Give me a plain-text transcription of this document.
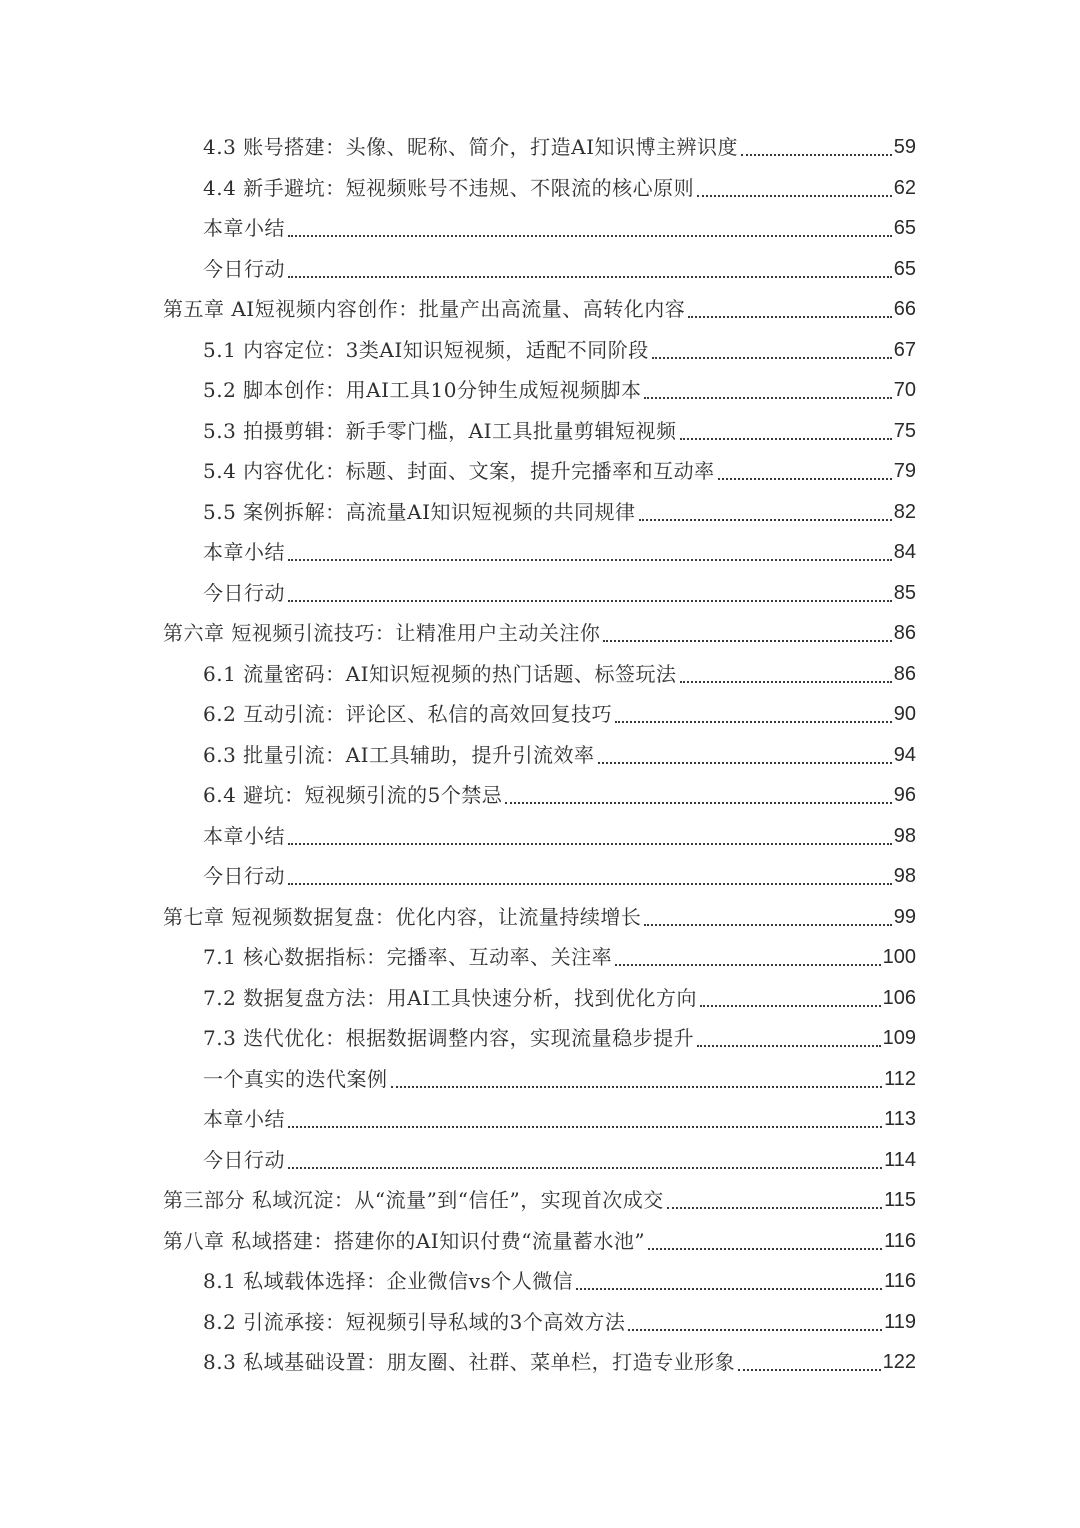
4.3 账号搭建：头像、昵称、简介，打造AI知识博主辨识度	59
4.4 新手避坑：短视频账号不违规、不限流的核心原则	62
本章小结	65
今日行动	65
第五章 AI短视频内容创作：批量产出高流量、高转化内容	66
5.1 内容定位：3类AI知识短视频，适配不同阶段	67
5.2 脚本创作：用AI工具10分钟生成短视频脚本	70
5.3 拍摄剪辑：新手零门槛，AI工具批量剪辑短视频	75
5.4 内容优化：标题、封面、文案，提升完播率和互动率	79
5.5 案例拆解：高流量AI知识短视频的共同规律	82
本章小结	84
今日行动	85
第六章 短视频引流技巧：让精准用户主动关注你	86
6.1 流量密码：AI知识短视频的热门话题、标签玩法	86
6.2 互动引流：评论区、私信的高效回复技巧	90
6.3 批量引流：AI工具辅助，提升引流效率	94
6.4 避坑：短视频引流的5个禁忌	96
本章小结	98
今日行动	98
第七章 短视频数据复盘：优化内容，让流量持续增长	99
7.1 核心数据指标：完播率、互动率、关注率	100
7.2 数据复盘方法：用AI工具快速分析，找到优化方向	106
7.3 迭代优化：根据数据调整内容，实现流量稳步提升	109
一个真实的迭代案例	112
本章小结	113
今日行动	114
第三部分 私域沉淀：从“流量”到“信任”，实现首次成交	115
第八章 私域搭建：搭建你的AI知识付费“流量蓄水池”	116
8.1 私域载体选择：企业微信vs个人微信	116
8.2 引流承接：短视频引导私域的3个高效方法	119
8.3 私域基础设置：朋友圈、社群、菜单栏，打造专业形象	122
